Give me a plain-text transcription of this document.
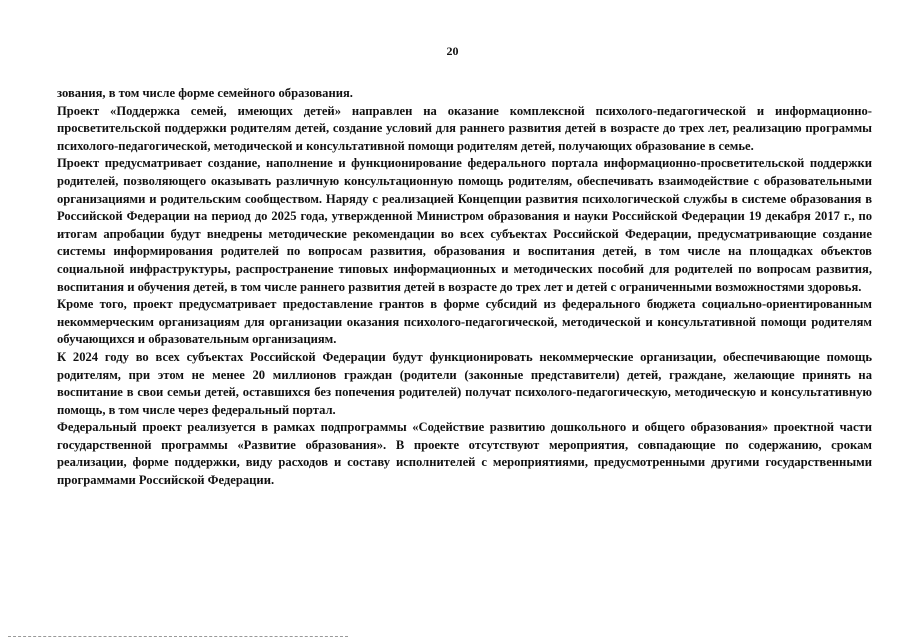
20

зования, в том числе форме семейного образования.

Проект «Поддержка семей, имеющих детей» направлен на оказание комплексной психолого-педагогической и информационно-просветительской поддержки родителям детей, создание условий для раннего развития детей в возрасте до трех лет, реализацию программы психолого-педагогической, методической и консультативной помощи родителям детей, получающих образование в семье.

Проект предусматривает создание, наполнение и функционирование федерального портала информационно-просветительской поддержки родителей, позволяющего оказывать различную консультационную помощь родителям, обеспечивать взаимодействие с образовательными организациями и родительским сообществом. Наряду с реализацией Концепции развития психологической службы в системе образования в Российской Федерации на период до 2025 года, утвержденной Министром образования и науки Российской Федерации 19 декабря 2017 г., по итогам апробации будут внедрены методические рекомендации во всех субъектах Российской Федерации, предусматривающие создание системы информирования родителей по вопросам развития, образования и воспитания детей, в том числе на площадках объектов социальной инфраструктуры, распространение типовых информационных и методических пособий для родителей по вопросам развития, воспитания и обучения детей, в том числе раннего развития детей в возрасте до трех лет и детей с ограниченными возможностями здоровья.

Кроме того, проект предусматривает предоставление грантов в форме субсидий из федерального бюджета социально-ориентированным некоммерческим организациям для организации оказания психолого-педагогической, методической и консультативной помощи родителям обучающихся и образовательным организациям.

К 2024 году во всех субъектах Российской Федерации будут функционировать некоммерческие организации, обеспечивающие помощь родителям, при этом не менее 20 миллионов граждан (родители (законные представители) детей, граждане, желающие принять на воспитание в свои семьи детей, оставшихся без попечения родителей) получат психолого-педагогическую, методическую и консультативную помощь, в том числе через федеральный портал.

Федеральный проект реализуется в рамках подпрограммы «Содействие развитию дошкольного и общего образования» проектной части государственной программы «Развитие образования». В проекте отсутствуют мероприятия, совпадающие по содержанию, срокам реализации, форме поддержки, виду расходов и составу исполнителей с мероприятиями, предусмотренными другими государственными программами Российской Федерации.
